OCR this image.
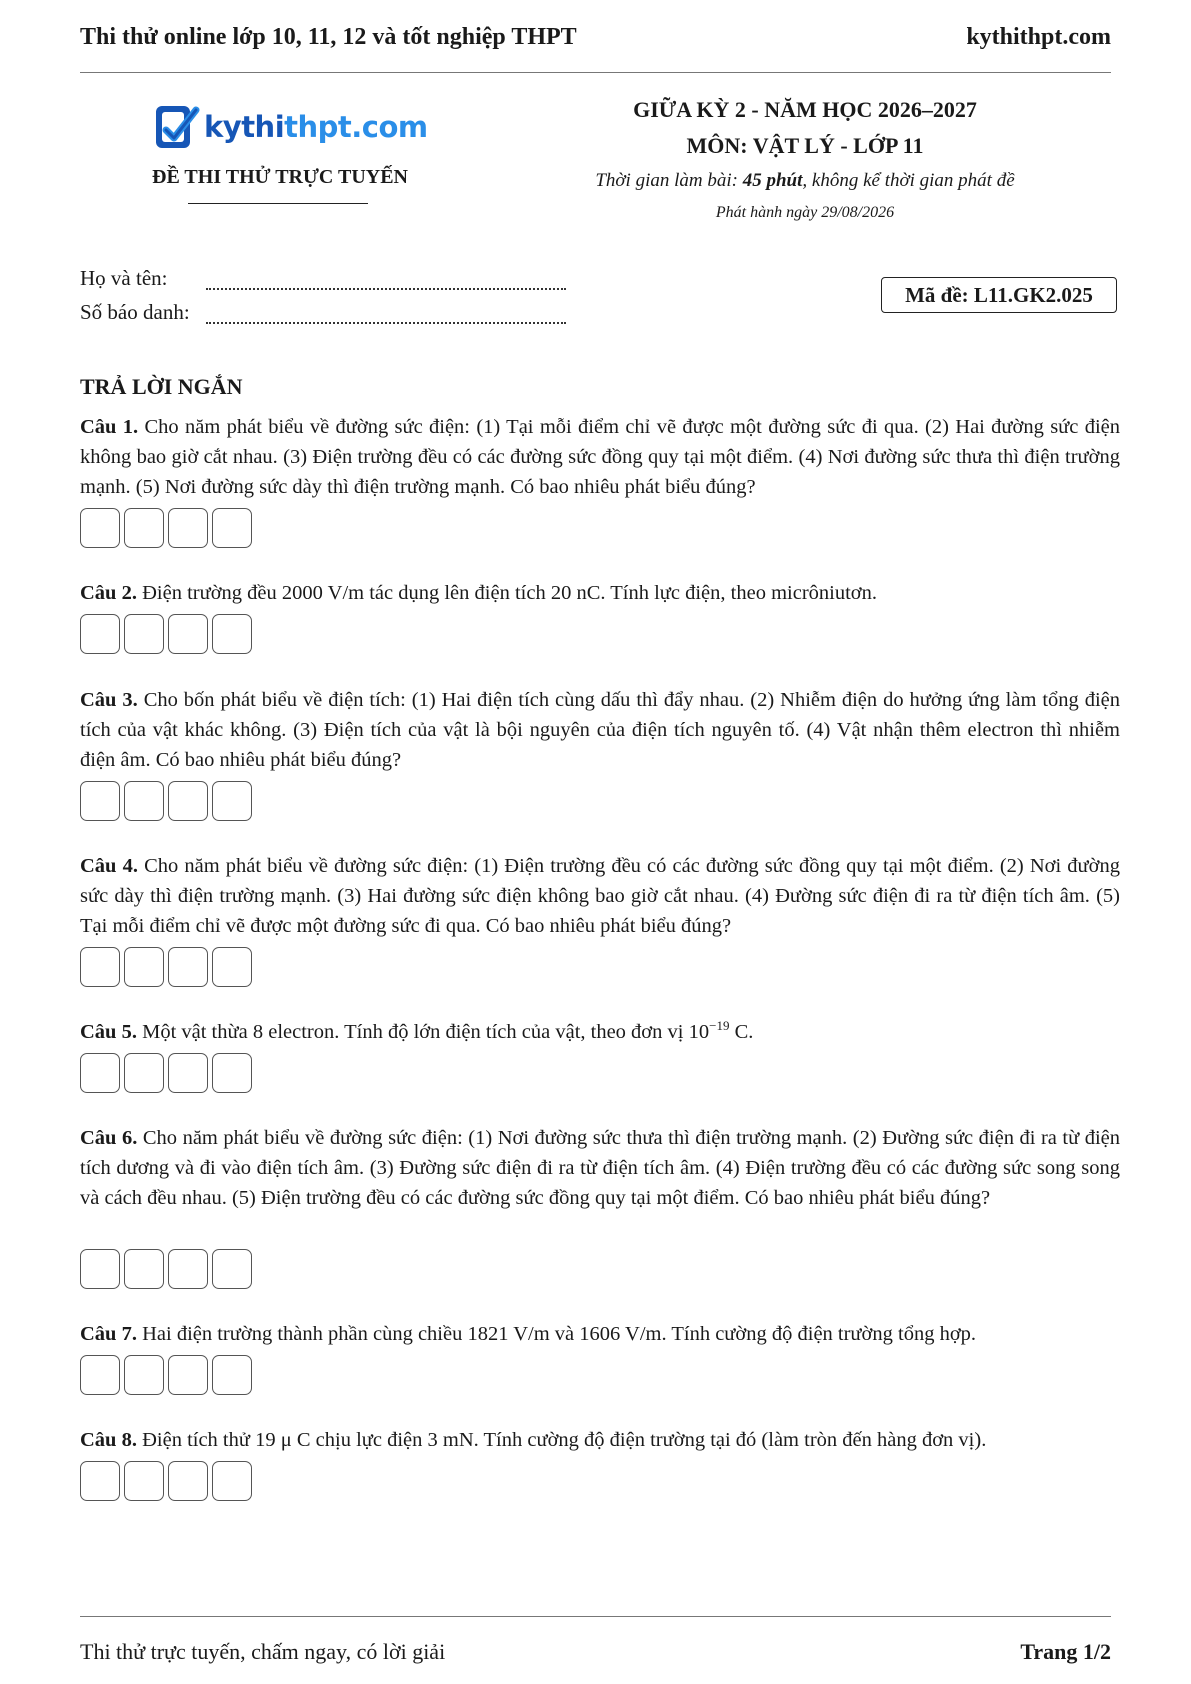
Thi thử online lớp 10, 11, 12 và tốt nghiệp THPT	kythithpt.com
kythithpt.com
ĐỀ THI THỬ TRỰC TUYẾN
GIỮA KỲ 2 - NĂM HỌC 2026–2027
MÔN: VẬT LÝ - LỚP 11
Thời gian làm bài: 45 phút, không kể thời gian phát đề
Phát hành ngày 29/08/2026
Họ và tên:
Số báo danh:
Mã đề: L11.GK2.025
TRẢ LỜI NGẮN
Câu 1. Cho năm phát biểu về đường sức điện: (1) Tại mỗi điểm chỉ vẽ được một đường sức đi qua. (2) Hai đường sức điện không bao giờ cắt nhau. (3) Điện trường đều có các đường sức đồng quy tại một điểm. (4) Nơi đường sức thưa thì điện trường mạnh. (5) Nơi đường sức dày thì điện trường mạnh. Có bao nhiêu phát biểu đúng?
Câu 2. Điện trường đều 2000 V/m tác dụng lên điện tích 20 nC. Tính lực điện, theo micrôniutơn.
Câu 3. Cho bốn phát biểu về điện tích: (1) Hai điện tích cùng dấu thì đẩy nhau. (2) Nhiễm điện do hưởng ứng làm tổng điện tích của vật khác không. (3) Điện tích của vật là bội nguyên của điện tích nguyên tố. (4) Vật nhận thêm electron thì nhiễm điện âm. Có bao nhiêu phát biểu đúng?
Câu 4. Cho năm phát biểu về đường sức điện: (1) Điện trường đều có các đường sức đồng quy tại một điểm. (2) Nơi đường sức dày thì điện trường mạnh. (3) Hai đường sức điện không bao giờ cắt nhau. (4) Đường sức điện đi ra từ điện tích âm. (5) Tại mỗi điểm chỉ vẽ được một đường sức đi qua. Có bao nhiêu phát biểu đúng?
Câu 5. Một vật thừa 8 electron. Tính độ lớn điện tích của vật, theo đơn vị $10^{-19}$ C.
Câu 6. Cho năm phát biểu về đường sức điện: (1) Nơi đường sức thưa thì điện trường mạnh. (2) Đường sức điện đi ra từ điện tích dương và đi vào điện tích âm. (3) Đường sức điện đi ra từ điện tích âm. (4) Điện trường đều có các đường sức song song và cách đều nhau. (5) Điện trường đều có các đường sức đồng quy tại một điểm. Có bao nhiêu phát biểu đúng?
Câu 7. Hai điện trường thành phần cùng chiều 1821 V/m và 1606 V/m. Tính cường độ điện trường tổng hợp.
Câu 8. Điện tích thử 19 μ C chịu lực điện 3 mN. Tính cường độ điện trường tại đó (làm tròn đến hàng đơn vị).
Thi thử trực tuyến, chấm ngay, có lời giải	Trang 1/2
